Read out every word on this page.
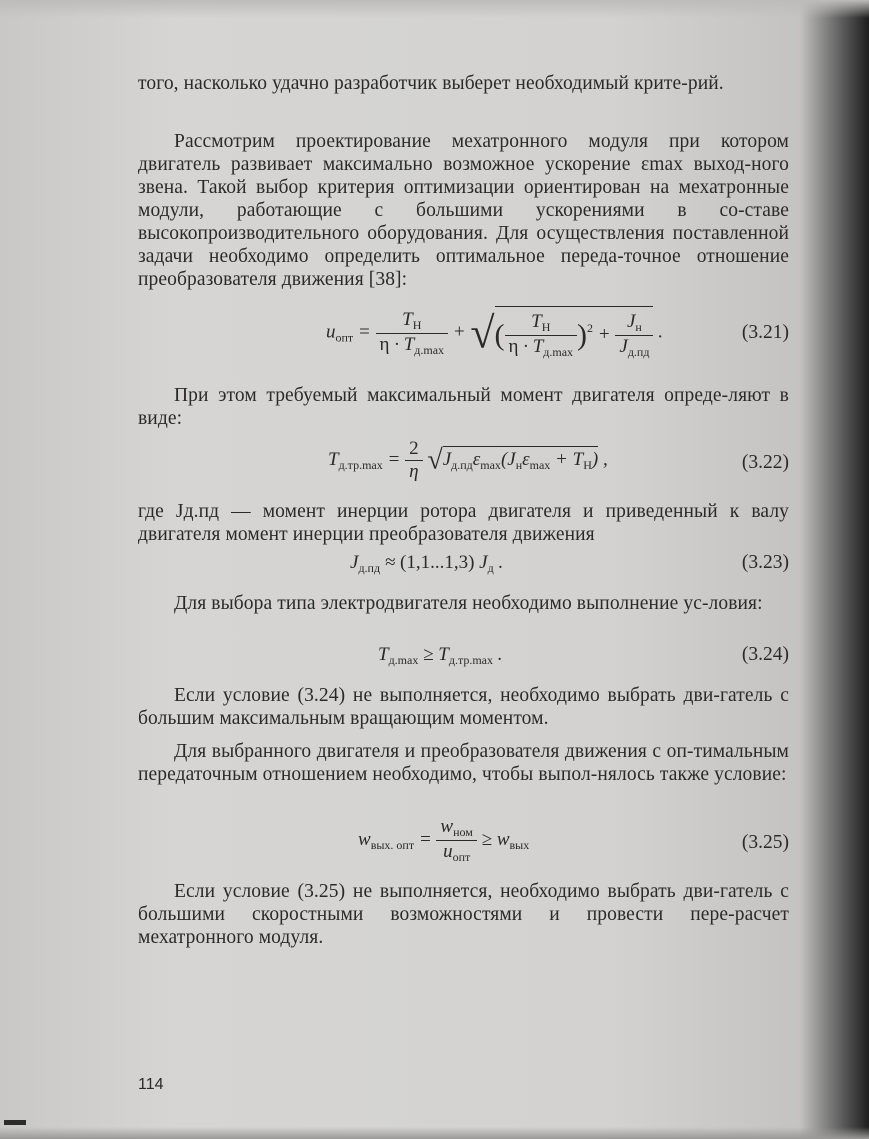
того, насколько удачно разработчик выберет необходимый крите-рий.

Рассмотрим проектирование мехатронного модуля при котором двигатель развивает максимально возможное ускорение εmax выход-ного звена. Такой выбор критерия оптимизации ориентирован на мехатронные модули, работающие с большими ускорениями в со-ставе высокопроизводительного оборудования. Для осуществления поставленной задачи необходимо определить оптимальное переда-точное отношение преобразователя движения [38]:

$u_{опт} = \frac{T_Н}{\eta \cdot T_{д.max}}$ + √( $\frac{T_Н}{\eta \cdot T_{д.max}} )^2 + \frac{J_н}{J_{д.пд}}$ .	(3.21)

При этом требуемый максимальный момент двигателя опреде-ляют в виде:

$T_{д.тр.max} = \frac{2}{\eta} √J_{д.пд}\varepsilon_{max}(J_н\varepsilon_{max} + T_Н)$ ,	(3.22)

где Jд.пд — момент инерции ротора двигателя и приведенный к валу двигателя момент инерции преобразователя движения

$J_{д.пд} \approx (1,1...1,3)$ $J_д$ .	(3.23)

Для выбора типа электродвигателя необходимо выполнение ус-ловия:

$T_{д.max} \ge T_{д.тр.max}$ .	(3.24)

Если условие (3.24) не выполняется, необходимо выбрать дви-гатель с большим максимальным вращающим моментом.

Для выбранного двигателя и преобразователя движения с оп-тимальным передаточным отношением необходимо, чтобы выпол-нялось также условие:

$w_{вых. опт} = \frac{w_{ном}}{u_{опт}} \ge w_{вых}$	(3.25)

Если условие (3.25) не выполняется, необходимо выбрать дви-гатель с большими скоростными возможностями и провести пере-расчет мехатронного модуля.

114
